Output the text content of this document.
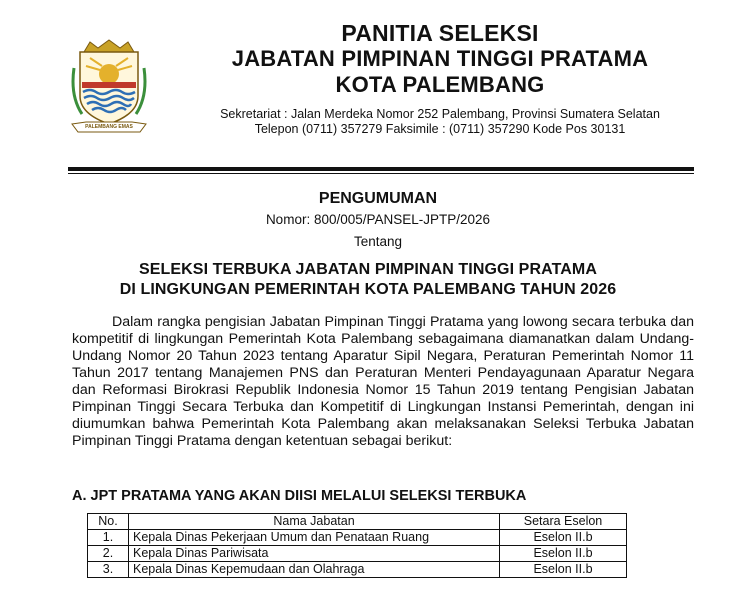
PALEMBANG EMAS
PANITIA SELEKSI
JABATAN PIMPINAN TINGGI PRATAMA
KOTA PALEMBANG
Sekretariat : Jalan Merdeka Nomor 252 Palembang, Provinsi Sumatera Selatan
Telepon (0711) 357279 Faksimile : (0711) 357290 Kode Pos 30131
PENGUMUMAN
Nomor: 800/005/PANSEL-JPTP/2026
Tentang
SELEKSI TERBUKA JABATAN PIMPINAN TINGGI PRATAMA
DI LINGKUNGAN PEMERINTAH KOTA PALEMBANG TAHUN 2026

Dalam rangka pengisian Jabatan Pimpinan Tinggi Pratama yang lowong secara terbuka dan kompetitif di lingkungan Pemerintah Kota Palembang sebagaimana diamanatkan dalam Undang-Undang Nomor 20 Tahun 2023 tentang Aparatur Sipil Negara, Peraturan Pemerintah Nomor 11 Tahun 2017 tentang Manajemen PNS dan Peraturan Menteri Pendayagunaan Aparatur Negara dan Reformasi Birokrasi Republik Indonesia Nomor 15 Tahun 2019 tentang Pengisian Jabatan Pimpinan Tinggi Secara Terbuka dan Kompetitif di Lingkungan Instansi Pemerintah, dengan ini diumumkan bahwa Pemerintah Kota Palembang akan melaksanakan Seleksi Terbuka Jabatan Pimpinan Tinggi Pratama dengan ketentuan sebagai berikut:

A. JPT PRATAMA YANG AKAN DIISI MELALUI SELEKSI TERBUKA
No.	Nama Jabatan	Setara Eselon
1.	Kepala Dinas Pekerjaan Umum dan Penataan Ruang	Eselon II.b
2.	Kepala Dinas Pariwisata	Eselon II.b
3.	Kepala Dinas Kepemudaan dan Olahraga	Eselon II.b
